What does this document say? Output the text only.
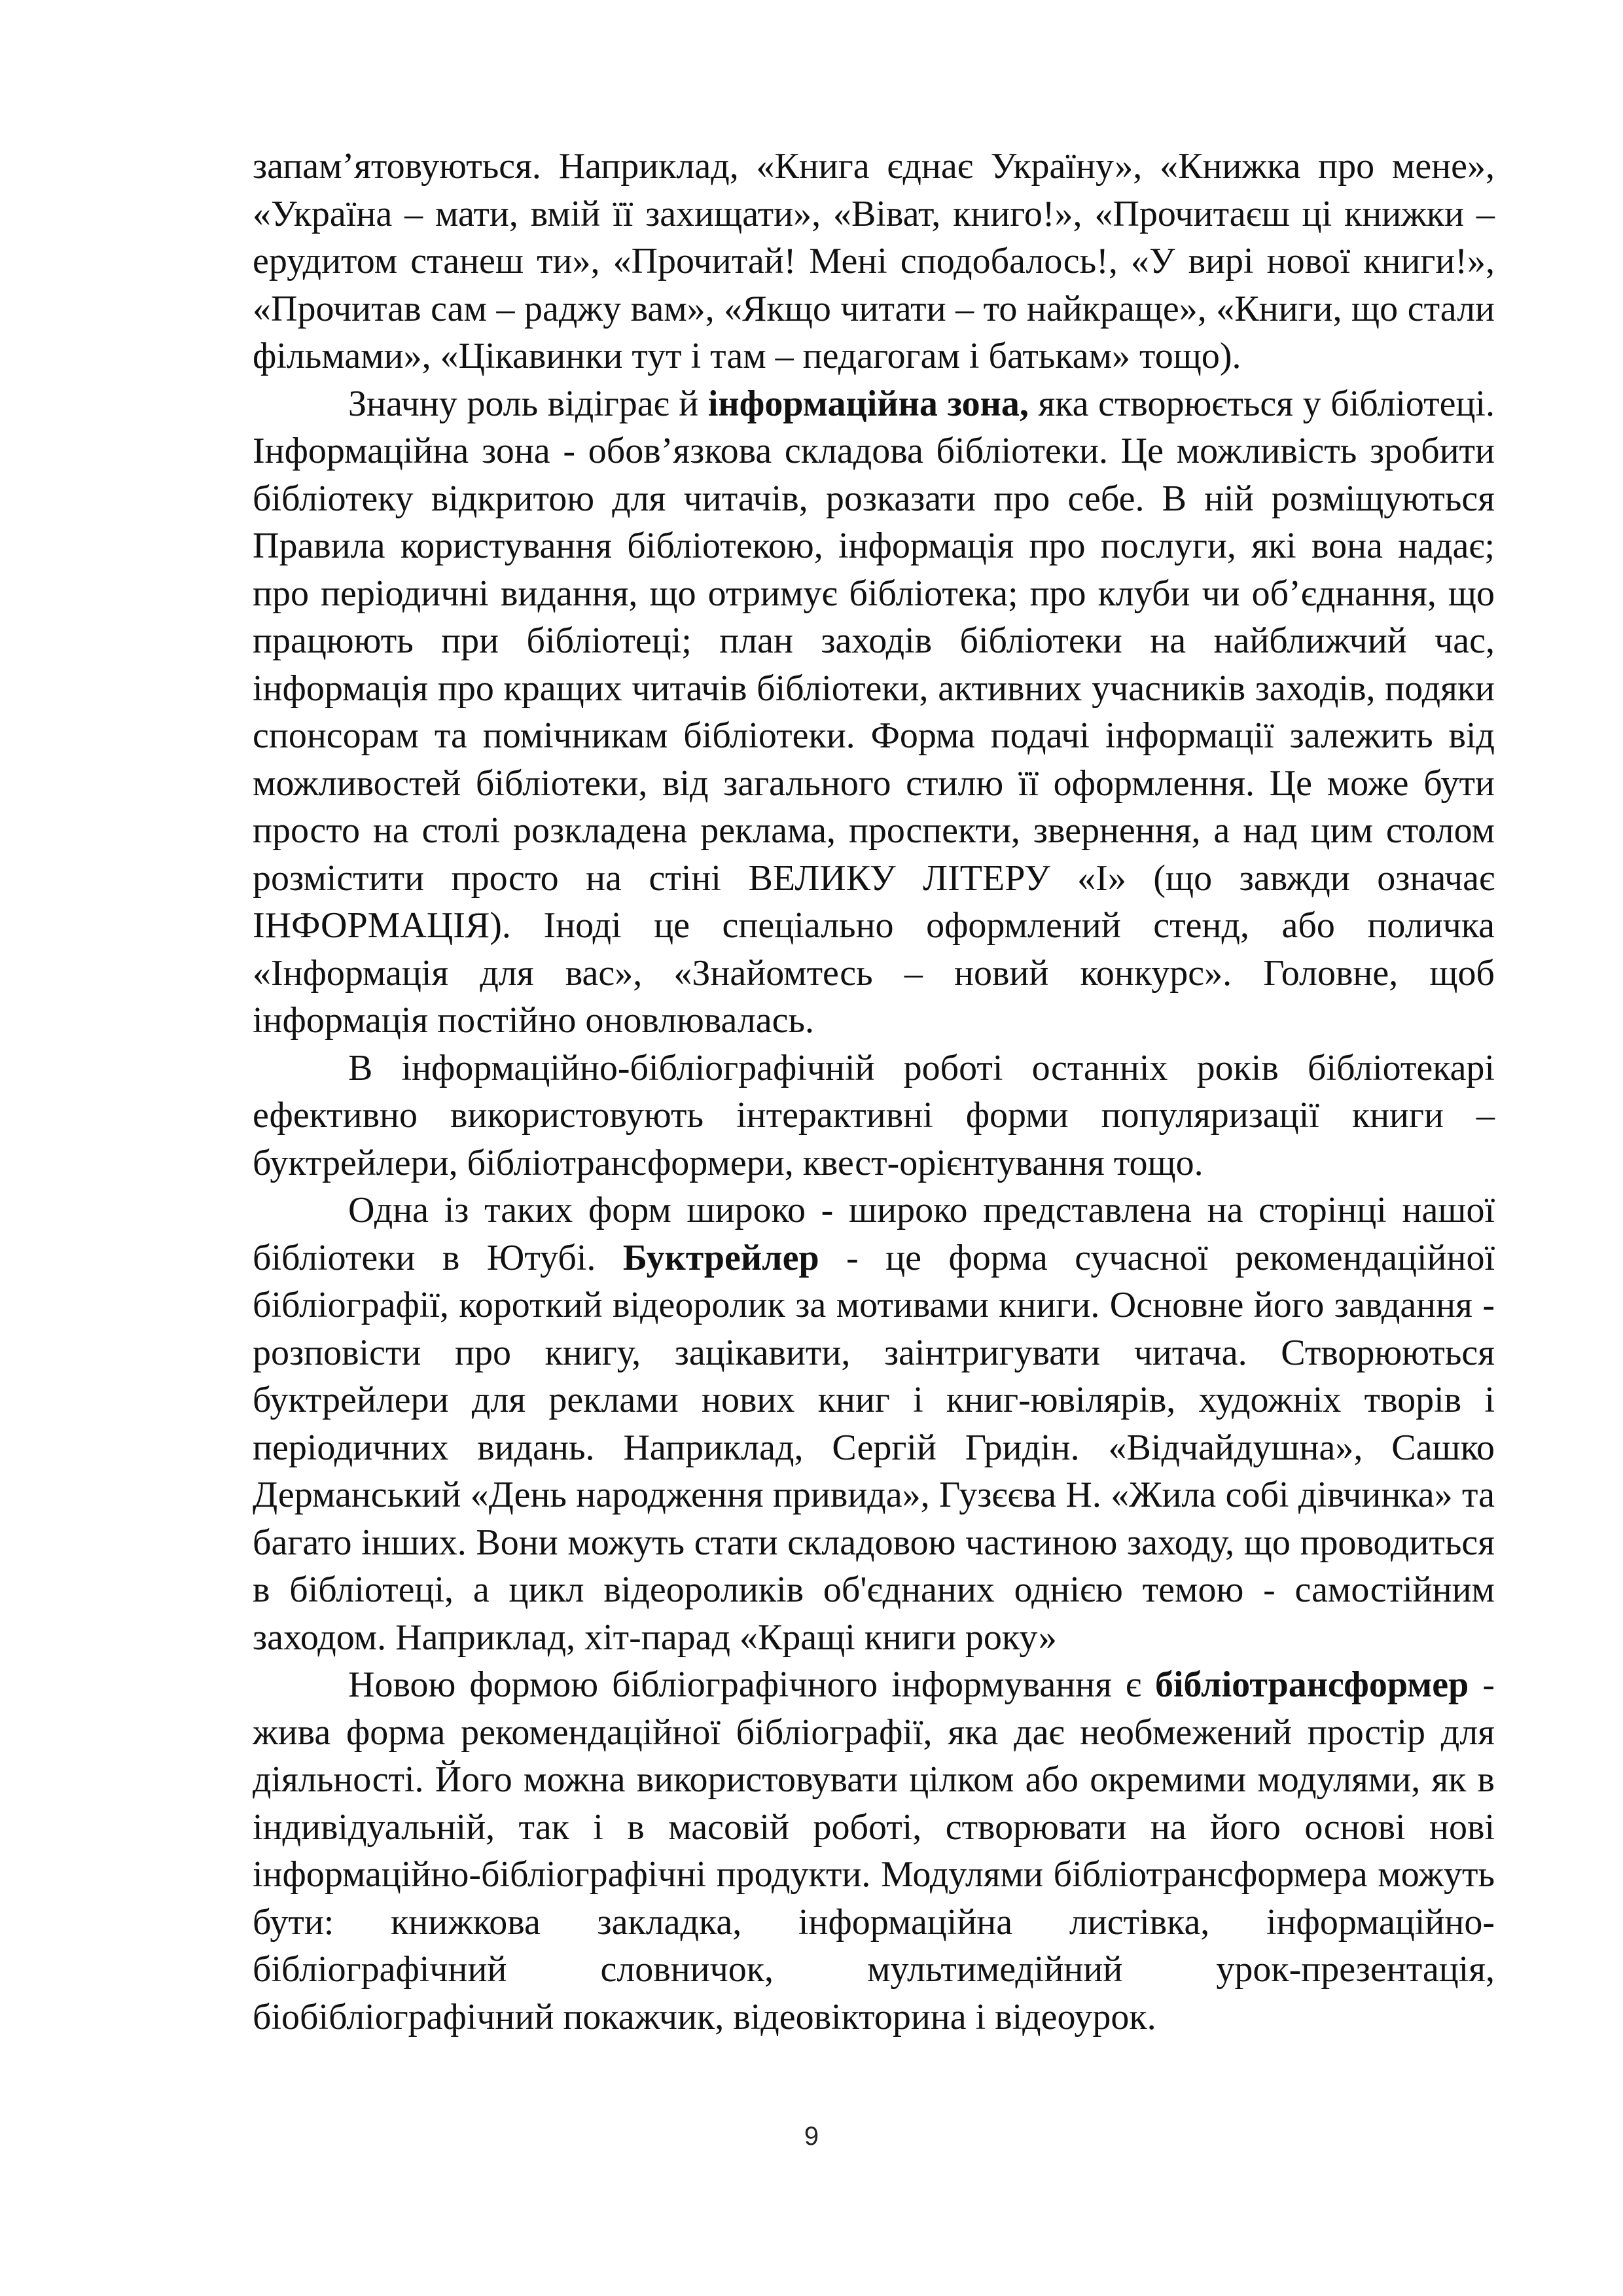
запам’ятовуються. Наприклад, «Книга єднає Україну», «Книжка про мене», «Україна – мати, вмій її захищати», «Віват, книго!», «Прочитаєш ці книжки – ерудитом станеш ти», «Прочитай! Мені сподобалось!, «У вирі нової книги!», «Прочитав сам – раджу вам», «Якщо читати – то найкраще», «Книги, що стали фільмами», «Цікавинки тут і там – педагогам і батькам» тощо).

Значну роль відіграє й інформаційна зона, яка створюється у бібліотеці. Інформаційна зона - обов’язкова складова бібліотеки. Це можливість зробити бібліотеку відкритою для читачів, розказати про себе. В ній розміщуються Правила користування бібліотекою, інформація про послуги, які вона надає; про періодичні видання, що отримує бібліотека; про клуби чи об’єднання, що працюють при бібліотеці; план заходів бібліотеки на найближчий час, інформація про кращих читачів бібліотеки, активних учасників заходів, подяки спонсорам та помічникам бібліотеки. Форма подачі інформації залежить від можливостей бібліотеки, від загального стилю її оформлення. Це може бути просто на столі розкладена реклама, проспекти, звернення, а над цим столом розмістити просто на стіні ВЕЛИКУ ЛІТЕРУ «І» (що завжди означає ІНФОРМАЦІЯ). Іноді це спеціально оформлений стенд, або поличка «Інформація для вас», «Знайомтесь – новий конкурс». Головне, щоб інформація постійно оновлювалась.

В інформаційно-бібліографічній роботі останніх років бібліотекарі ефективно використовують інтерактивні форми популяризації книги – буктрейлери, бібліотрансформери, квест-орієнтування тощо.

Одна із таких форм широко - широко представлена на сторінці нашої бібліотеки в Ютубі. Буктрейлер - це форма сучасної рекомендаційної бібліографії, короткий відеоролик за мотивами книги. Основне його завдання - розповісти про книгу, зацікавити, заінтригувати читача. Створюються буктрейлери для реклами нових книг і книг-ювілярів, художніх творів і періодичних видань. Наприклад, Сергій Гридін. «Відчайдушна», Сашко Дерманський «День народження привида», Гузєєва Н. «Жила собі дівчинка» та багато інших. Вони можуть стати складовою частиною заходу, що проводиться в бібліотеці, а цикл відеороликів об'єднаних однією темою - самостійним заходом. Наприклад, хіт-парад «Кращі книги року»

Новою формою бібліографічного інформування є бібліотрансформер - жива форма рекомендаційної бібліографії, яка дає необмежений простір для діяльності. Його можна використовувати цілком або окремими модулями, як в індивідуальній, так і в масовій роботі, створювати на його основі нові інформаційно-бібліографічні продукти. Модулями бібліотрансформера можуть бути: книжкова закладка, інформаційна листівка, інформаційно-бібліографічний словничок, мультимедійний урок-презентація, біобібліографічний покажчик, відеовікторина і відеоурок.

9
